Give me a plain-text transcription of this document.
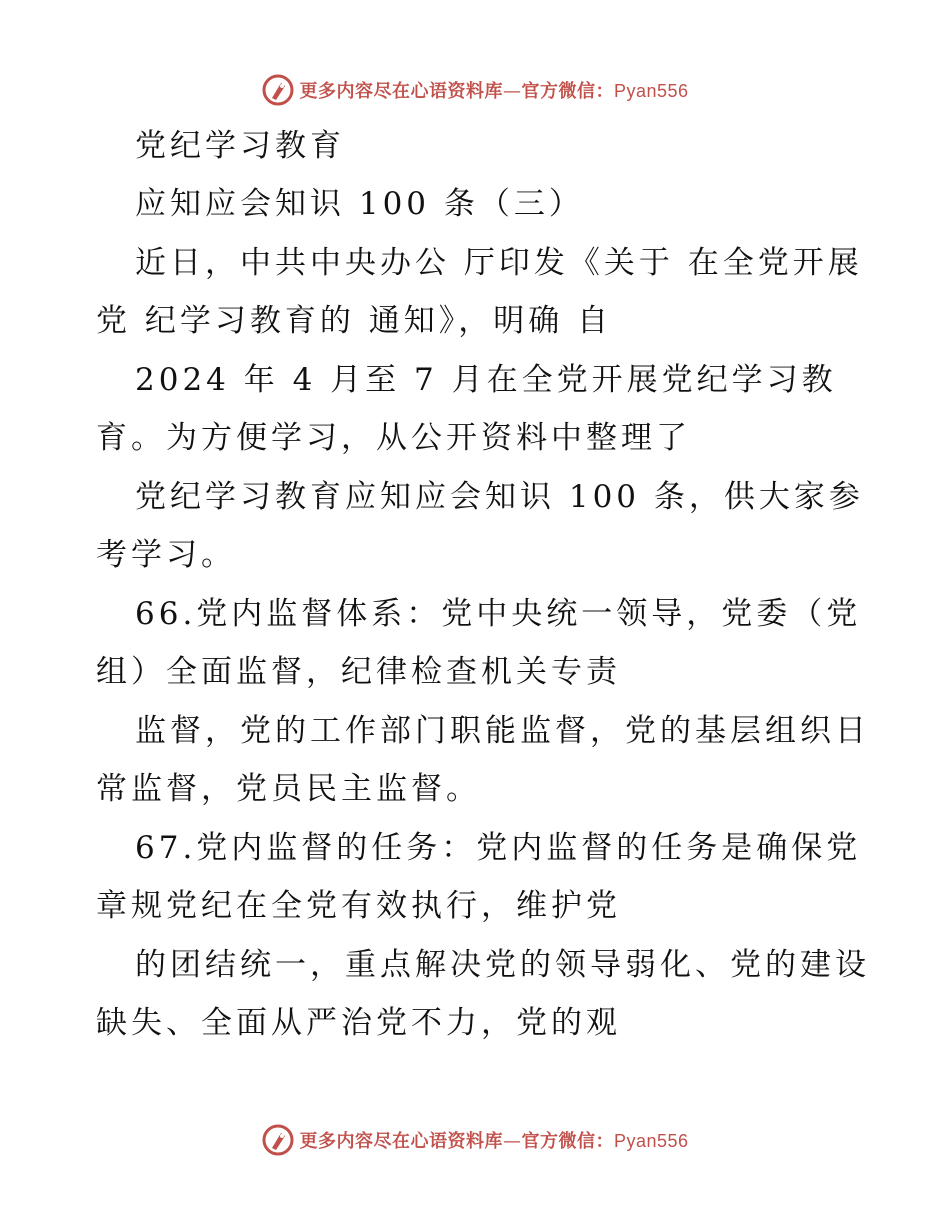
更多内容尽在心语资料库—官方微信：Pyan556
党纪学习教育
应知应会知识 100 条（三）
近日，中共中央办公 厅印发《关于 在全党开展
党 纪学习教育的 通知》，明确 自
2024 年 4 月至 7 月在全党开展党纪学习教
育。为方便学习，从公开资料中整理了
党纪学习教育应知应会知识 100 条，供大家参
考学习。
66.党内监督体系：党中央统一领导，党委（党
组）全面监督，纪律检查机关专责
监督，党的工作部门职能监督，党的基层组织日
常监督，党员民主监督。
67.党内监督的任务：党内监督的任务是确保党
章规党纪在全党有效执行，维护党
的团结统一，重点解决党的领导弱化、党的建设
缺失、全面从严治党不力，党的观
更多内容尽在心语资料库—官方微信：Pyan556
